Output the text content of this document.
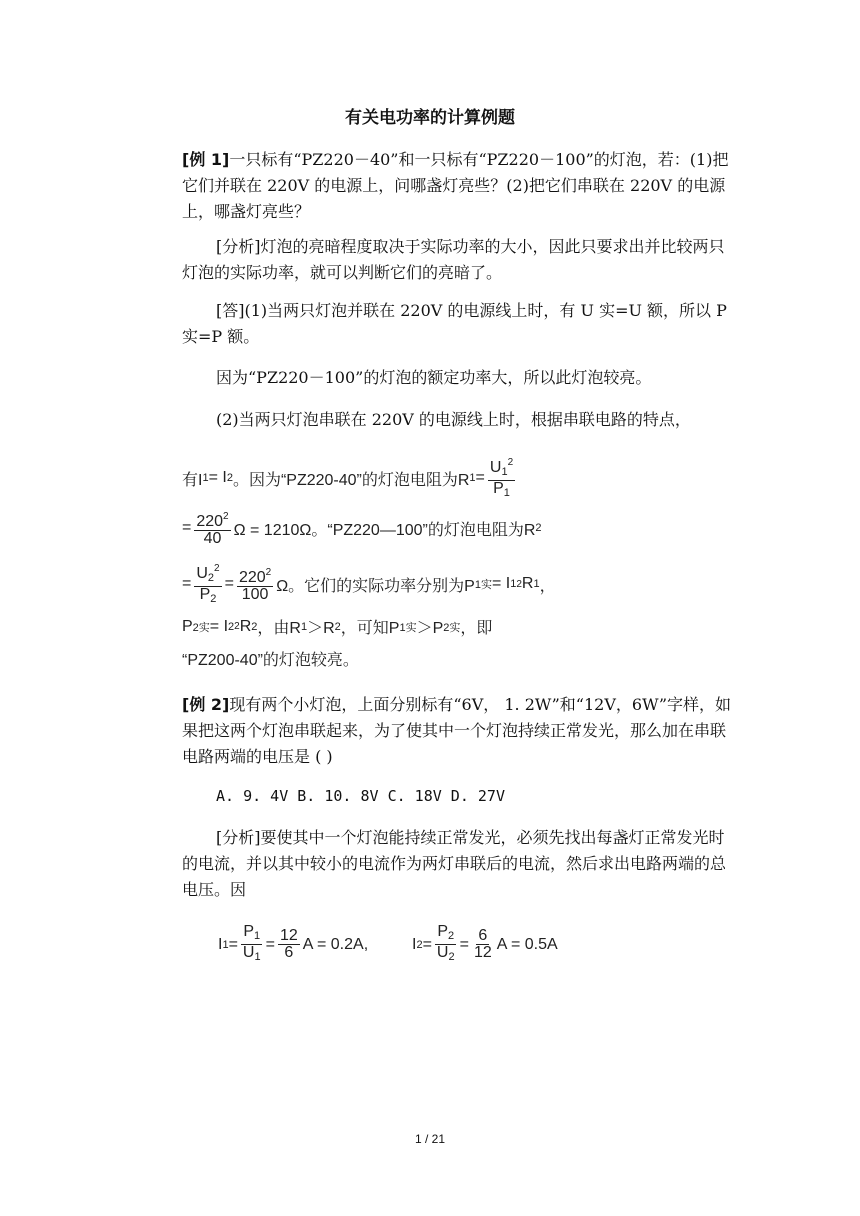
有关电功率的计算例题
[例 1]一只标有“PZ220－40”和一只标有“PZ220－100”的灯泡，若：(1)把它们并联在 220V 的电源上，问哪盏灯亮些？(2)把它们串联在 220V 的电源上，哪盏灯亮些？
[分析]灯泡的亮暗程度取决于实际功率的大小，因此只要求出并比较两只灯泡的实际功率，就可以判断它们的亮暗了。
[答](1)当两只灯泡并联在 220V 的电源线上时，有 U 实=U 额，所以 P 实=P 额。
因为“PZ220－100”的灯泡的额定功率大，所以此灯泡较亮。
(2)当两只灯泡串联在 220V 的电源线上时，根据串联电路的特点，
有I 1 = I 2 。因为“PZ220-40”的灯泡电阻为R $1 = \frac{U_1^2}{P_1}$
= $\frac{220^2}{40}$ Ω = 1210Ω。“PZ220—100”的灯泡电阻为R 2
= $\frac{U_2^2}{P_2} = \frac{220^2}{100}$ Ω。它们的实际功率分别为P 1实 = I 1 2 R 1 ，
P 2实 = I 2 2 R 2 ，由R 1 ＞R 2 ，可知P 1实 ＞P 2实 ，即
“PZ200-40”的灯泡较亮。
[例 2]现有两个小灯泡，上面分别标有“6V， 1. 2W”和“12V，6W”字样，如果把这两个灯泡串联起来，为了使其中一个灯泡持续正常发光，那么加在串联电路两端的电压是 ( )
A. 9. 4V B. 10. 8V C. 18V D. 27V
[分析]要使其中一个灯泡能持续正常发光，必须先找出每盏灯正常发光时的电流，并以其中较小的电流作为两灯串联后的电流，然后求出电路两端的总电压。因
I $1 = \frac{P_1}{U_1} = \frac{12}{6}$ A = 0.2A,	I $2 = \frac{P_2}{U_2} = \frac{6}{12}$ A = 0.5A
1 / 21
